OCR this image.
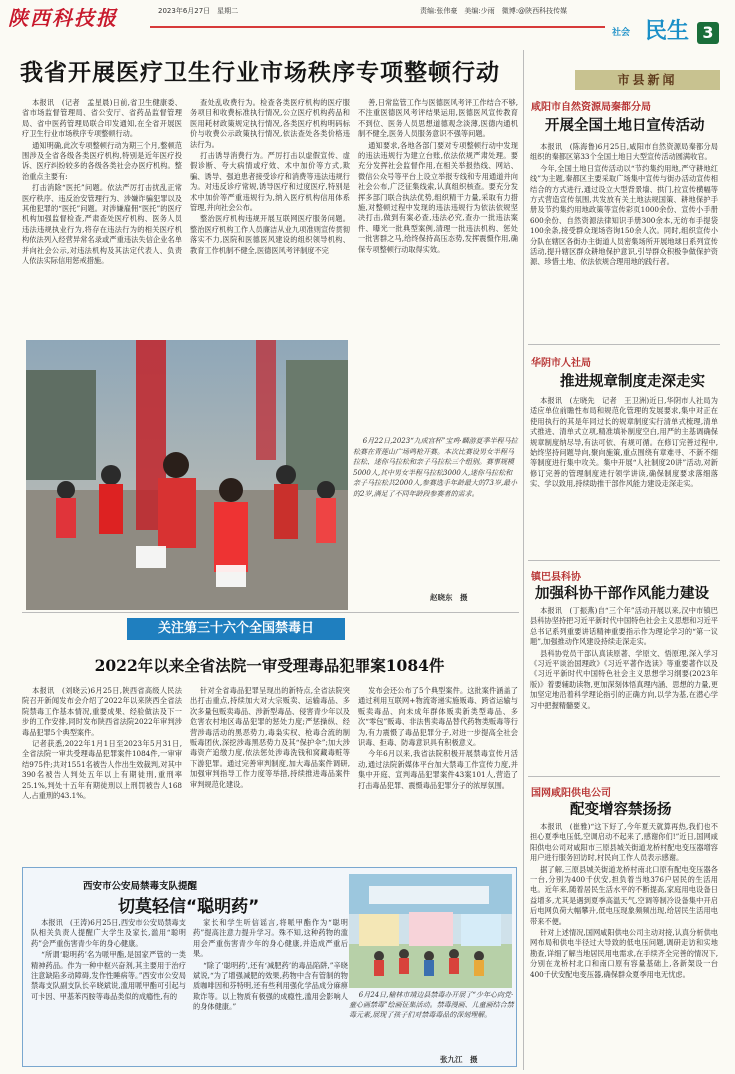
陕西科技报	2023年6月27日　星期二	责编:张伟豪　美编:少雨　微博:@陕西科技传媒
社会 民生 3
我省开展医疗卫生行业市场秩序专项整顿行动

本报讯　(记者　孟星晨)日前,省卫生健康委、省市场监督管理局、省公安厅、省药品监督管理局、省中医药管理局联合印发通知,在全省开展医疗卫生行业市场秩序专项整顿行动。

通知明确,此次专项整顿行动为期三个月,整顿范围涉及全省各级各类医疗机构,特别是近年医疗投诉、医疗纠纷较多的各级各类社会办医疗机构。整治重点主要有:

打击消除“医托”问题。依法严厉打击扰乱正常医疗秩序、违反治安管理行为、涉嫌诈骗犯罪以及其他犯罪的“医托”问题。对涉嫌雇佣“医托”的医疗机构加强监督检查,严肃查处医疗机构、医务人员违法违规执业行为,将存在违法行为的相关医疗机构依法列入经营异常名录或严重违法失信企业名单并向社会公示,对违法机构及其法定代表人、负责人依法实际信用惩戒措施。

查处乱收费行为。检查各类医疗机构的医疗服务项目和收费标准执行情况,公立医疗机构药品和医用耗材政策规定执行情况,各类医疗机构明码标价与收费公示政策执行情况,依法查处各类价格违法行为。

打击诱导消费行为。严厉打击以虚假宣传、虚假诊断、夸大病情或疗效、术中加价等方式,欺骗、诱导、强迫患者接受诊疗和消费等违法违规行为。对违反诊疗常规,诱导医疗和过度医疗,特别是术中加价等严重违规行为,纳入医疗机构信用体系管理,并向社会公布。

整治医疗机构违规开展互联网医疗服务问题。整治医疗机构工作人员廉洁从业九项准则宣传贯彻落实不力,医院和医德医风建设的组织领导机构、教育工作机制不健全,医德医风考评制度不完

善,日常监管工作与医德医风考评工作结合不够,不注重医德医风考评结果运用,医德医风宣传教育不到位、医务人员思想道德观念淡薄,医德内通机制不健全,医务人员服务意识不强等问题。

通知要求,各地各部门要对专项整顿行动中发现的违法违规行为建立台账,依法依规严肃处理。要充分发挥社会监督作用,在相关举报热线、网站、微信公众号等平台上设立举报专线和专用通道并向社会公布,广泛征集线索,认真组织核查。要充分发挥多部门联合执法优势,组织精干力量,采取有力措施,对整顿过程中发现的违法违规行为依法依规坚决打击,做到有案必查,违法必究,查办一批违法案件、曝光一批典型案例,清理一批违法机构、惩处一批害群之马,给终保持高压态势,发挥震慑作用,确保专项整顿行动取得实效。

6月22日,2023“九成宫杯”宝鸡·麟游夏季半程马拉松赛在青莲山广场鸣枪开赛。本次比赛设男女半程马拉松、迷你马拉松和亲子马拉松三个组别。赛事规模5000人,其中男女半程马拉松3000人,迷你马拉松和亲子马拉松共2000人,参赛选手年龄最大的73岁,最小的2岁,满足了不同年龄段参赛者的需求。
赵晓东　摄
关注第三十六个全国禁毒日
2022年以来全省法院一审受理毒品犯罪案1084件

本报讯　(刘晓云)6月25日,陕西省高级人民法院召开新闻发布会介绍了2022年以来陕西全省法院禁毒工作基本情况,重要成果、经验做法及下一步的工作安排,同时发布陕西省法院2022年审判涉毒品犯罪5个典型案件。

记者获悉,2022年1月1日至2023年5月31日,全省法院一审共受理毒品犯罪案件1084件,一审审结975件;共对1551名被告人作出生效裁判,对其中390名被告人判处五年以上有期徒刑,重刑率25.1%,判处十五年有期徒刑以上刑罚被告人168人,占重刑的43.1%。

针对全省毒品犯罪呈现出的新特点,全省法院突出打击重点,持续加大对大宗贩卖、运输毒品、多次多量包贩卖毒品、涉新型毒品、侵害青少年以及危害农村地区毒品犯罪的惩处力度;严惩操纵、经营涉毒活动的黑恶势力,毒枭实权、枪毒合流的制贩毒团伙,深挖涉毒黑恶势力及其“保护伞”;加大涉毒资产追缴力度,依法惩处涉毒洗钱和窝藏毒赃等下游犯罪。通过完善审判制度,加大毒品案件调研,加强审判指导工作力度等举措,持续推进毒品案件审判规范化建设。

发布会还公布了5个典型案件。这批案件涵盖了通过利用互联网+物流寄递实施贩毒、跨省运输与贩卖毒品、向未成年群体贩卖新类型毒品、多次“零包”贩毒、非法售卖毒品替代药物类贩毒等行为,有力震慑了毒品犯罪分子,对进一步提高全社会识毒、拒毒、防毒意识具有积极意义。

今年6月以来,我省法院积极开展禁毒宣传月活动,通过法院新媒体平台加大禁毒工作宣传力度,并集中开庭、宣判毒品犯罪案件43案101人,营造了打击毒品犯罪、震慑毒品犯罪分子的浓厚氛围。

西安市公安局禁毒支队提醒
切莫轻信“聪明药”

本报讯　(王涛)6月25日,西安市公安局禁毒支队相关负责人提醒广大学生及家长,滥用“聪明药”会严重伤害青少年的身心健康。

“所谓‘聪明药’名为哌甲酯,是国家严管的一类精神药品。作为一种中枢兴奋剂,其主要用于治疗注意缺陷多动障碍,发作性睡病等。”西安市公安局禁毒支队副支队长辛晓斌说,滥用哌甲酯可引起与可卡因、甲基苯丙胺等毒品类似的成瘾性,有的

家长和学生听信谣言,将哌甲酯作为“聪明药”提高注意力提升学习。殊不知,这种药物的滥用会严重伤害青少年的身心健康,并造成严重后果。

“除了‘聪明药’,还有‘减肥药’的毒品陷阱,”辛晓斌说,“为了增强减肥的效果,药物中含有管制的物质咖啡因和芬特明,还有些利用强化学品成分麻痹欺诈等。以上物质有极强的成瘾性,滥用会影响人的身体健康。”

6月24日,榆林市靖边县禁毒办开展了“少年心向党·童心画禁毒”绘画征集活动。禁毒漫画、儿童画结合禁毒元素,展现了孩子们对禁毒毒品的深刻理解。
张九江　摄
市县新闻
咸阳市自然资源局秦都分局
开展全国土地日宣传活动

本报讯　(陈海鲁)6月25日,咸阳市自然资源局秦都分局组织的秦都区第33个全国土地日大型宣传活动圆满收官。

今年,全国土地日宣传活动以“节约集约用地,严守耕地红线”为主题,秦都区主要采取广场集中宣传与街办活动宣传相结合的方式进行,通过设立大型背景墙、拱门,拉宣传横幅等方式营造宣传氛围,共发放有关土地法规国策、耕地保护手册及节约集约用地政策等宣传彩页1000余份、宣传小手册600余份、自然资源法律知识手册300余本,无纺布手提袋100余条,接受群众现场咨询150余人次。同时,组织宣传小分队在辖区各街办主街道人员密集场所开展地球日系列宣传活动,提升辖区群众耕地保护意识,引导群众积极争做保护资源、珍惜土地、依法依规合理用地的践行者。

华阴市人社局
推进规章制度走深走实

本报讯　(左晓先　记者　王卫洲)近日,华阴市人社局为适应单位前瞻性布局和规范化管理的发展要求,集中对正在使用执行的其是年同过长的规章制度实行清单式梳理,清单式推进、清单式立项,精准填补制度空白,用严的主基调确保规章制度纳尽导,有法可依、有规可循。在修订完善过程中,始终坚持问题导向,聚向施策,重点围绕有章难寻、不新不细等制度进行集中攻关。集中开展“人社制度20讲”活动,对新修订完善的管理制度进行领学讲读,确保制度要求落细落实、学以致用,持续助推干部作风能力建设走深走实。

镇巴县科协
加强科协干部作风能力建设

本报讯　(丁振燕)自“三个年”活动开展以来,汉中市镇巴县科协坚持把习近平新时代中国特色社会主义思想和习近平总书记系列重要讲话精神重要指示作为理论学习的“第一议题”,加强推动作风建设持续走深走实。

县科协党员干部认真读原著、学原文、悟原理,深入学习《习近平谈治国理政》《习近平著作选读》等重要著作以及《习近平新时代中国特色社会主义思想学习纲要(2023年版)》着要辅助读物,更加深刻体悟真理内涵、思想的力量,更加坚定地沿着科学理论指引的正确方向,以学为基,在潜心学习中把握精髓要义。

国网咸阳供电公司
配变增容禁扬扬

本报讯　(崔雅)“这下好了,今年夏天就算再热,我们也不担心夏季电压低,空调启动不起来了,感谢你们!”近日,国网咸阳供电公司对咸阳市三原县城关街道龙桥村配电变压器增容用户进行服务回访时,村民向工作人员表示感谢。

据了解,三原县城关街道龙桥村南北口原有配电变压器各一台,分别为400千伏安,担负着当地376户居民的生活用电。近年来,随着居民生活水平的不断提高,家庭用电设备日益增多,尤其是遇到夏季高温天气,空调等制冷设备集中开启后电网负荷大幅攀升,低电压现象频频出现,给居民生活用电带来不便。

针对上述情况,国网咸阳供电公司主动对接,认真分析供电网布局和供电半径过大导致的低电压问题,调研走访和实地勘查,详细了解当地居民用电需求,在手续齐全完善的情况下,分别在龙桥村北口和南口原有容量基础上,各新架设一台400千伏安配电变压器,确保群众夏季用电无忧虑。
